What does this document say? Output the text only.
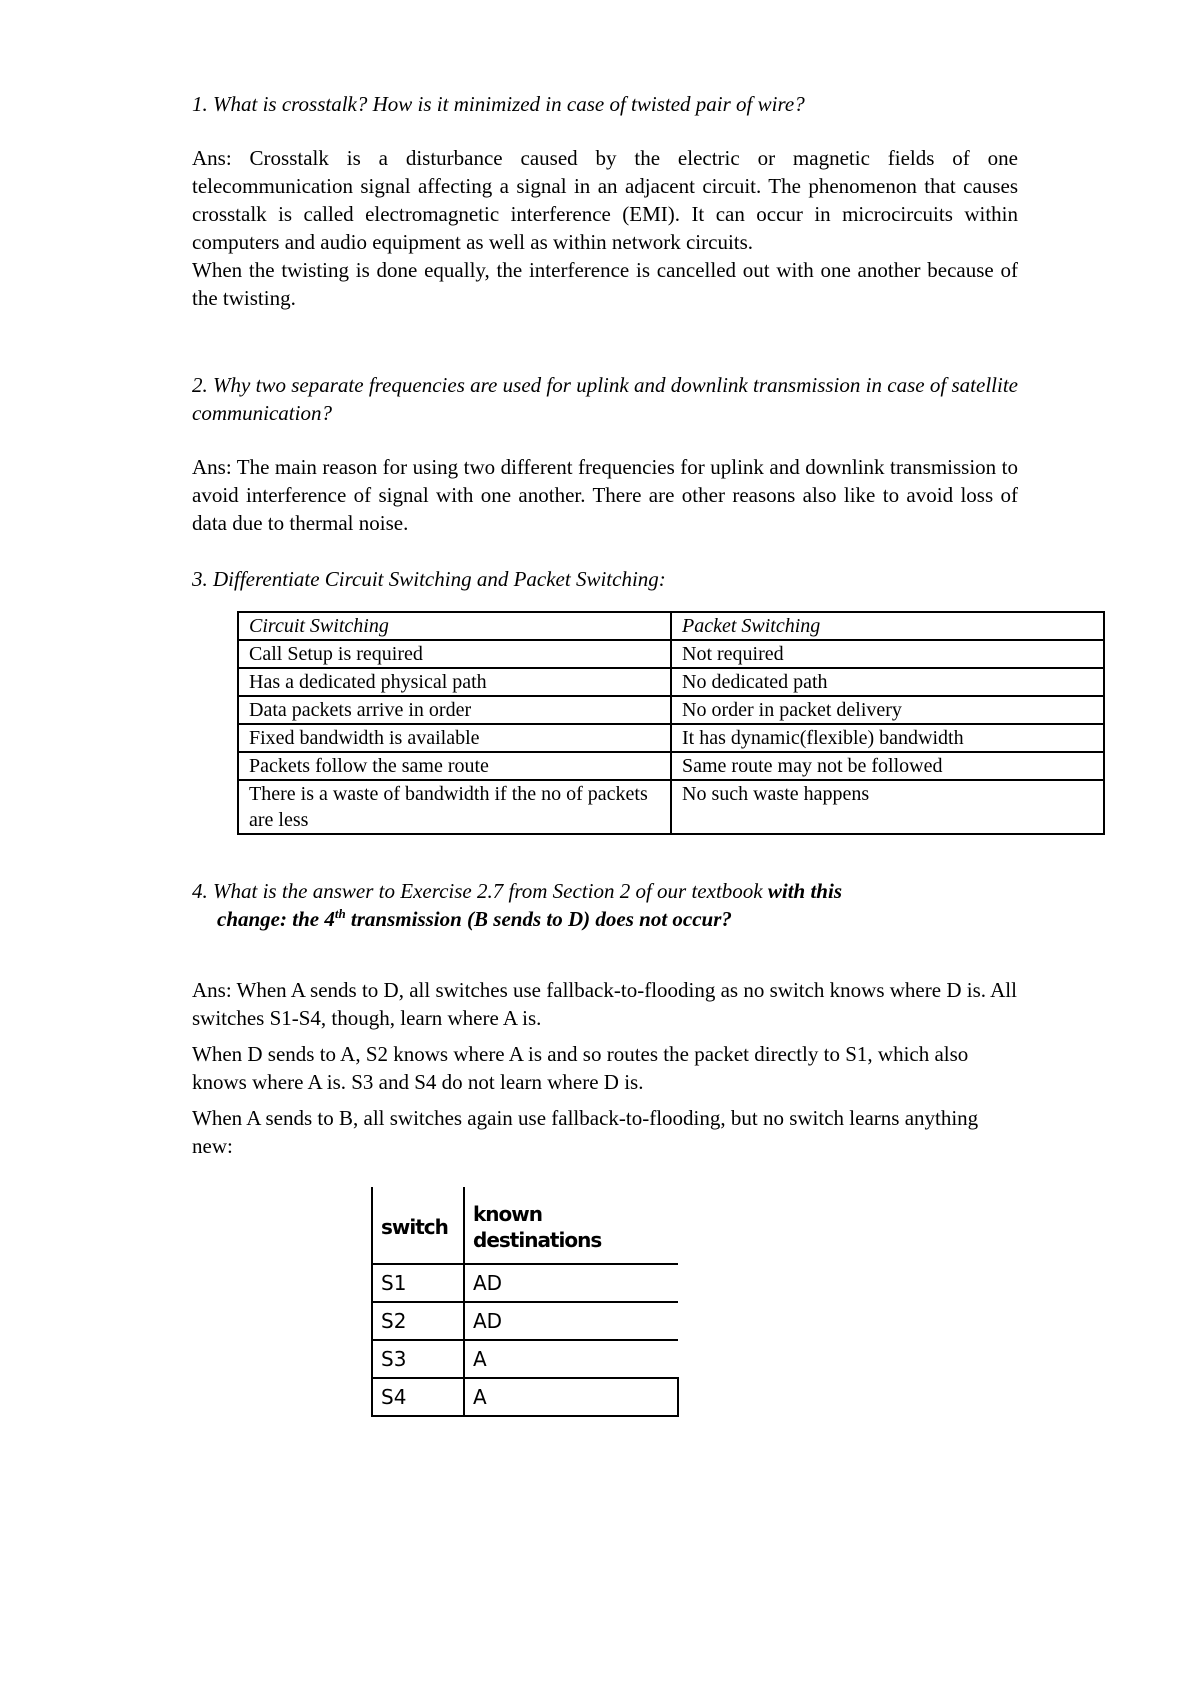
1. What is crosstalk? How is it minimized in case of twisted pair of wire?

Ans: Crosstalk is a disturbance caused by the electric or magnetic fields of one telecommunication signal affecting a signal in an adjacent circuit. The phenomenon that causes crosstalk is called electromagnetic interference (EMI). It can occur in microcircuits within computers and audio equipment as well as within network circuits.

When the twisting is done equally, the interference is cancelled out with one another because of the twisting.

2. Why two separate frequencies are used for uplink and downlink transmission in case of satellite communication?

Ans: The main reason for using two different frequencies for uplink and downlink transmission to avoid interference of signal with one another. There are other reasons also like to avoid loss of data due to thermal noise.

3. Differentiate Circuit Switching and Packet Switching:

Circuit Switching	Packet Switching
Call Setup is required	Not required
Has a dedicated physical path	No dedicated path
Data packets arrive in order	No order in packet delivery
Fixed bandwidth is available	It has dynamic(flexible) bandwidth
Packets follow the same route	Same route may not be followed
There is a waste of bandwidth if the no of packets are less	No such waste happens
4. What is the answer to Exercise 2.7 from Section 2 of our textbook with this
change: the 4th transmission (B sends to D) does not occur?

Ans: When A sends to D, all switches use fallback-to-flooding as no switch knows where D is. All switches S1-S4, though, learn where A is.

When D sends to A, S2 knows where A is and so routes the packet directly to S1, which also knows where A is. S3 and S4 do not learn where D is.

When A sends to B, all switches again use fallback-to-flooding, but no switch learns anything new:

switch	known destinations
S1	AD
S2	AD
S3	A
S4	A
